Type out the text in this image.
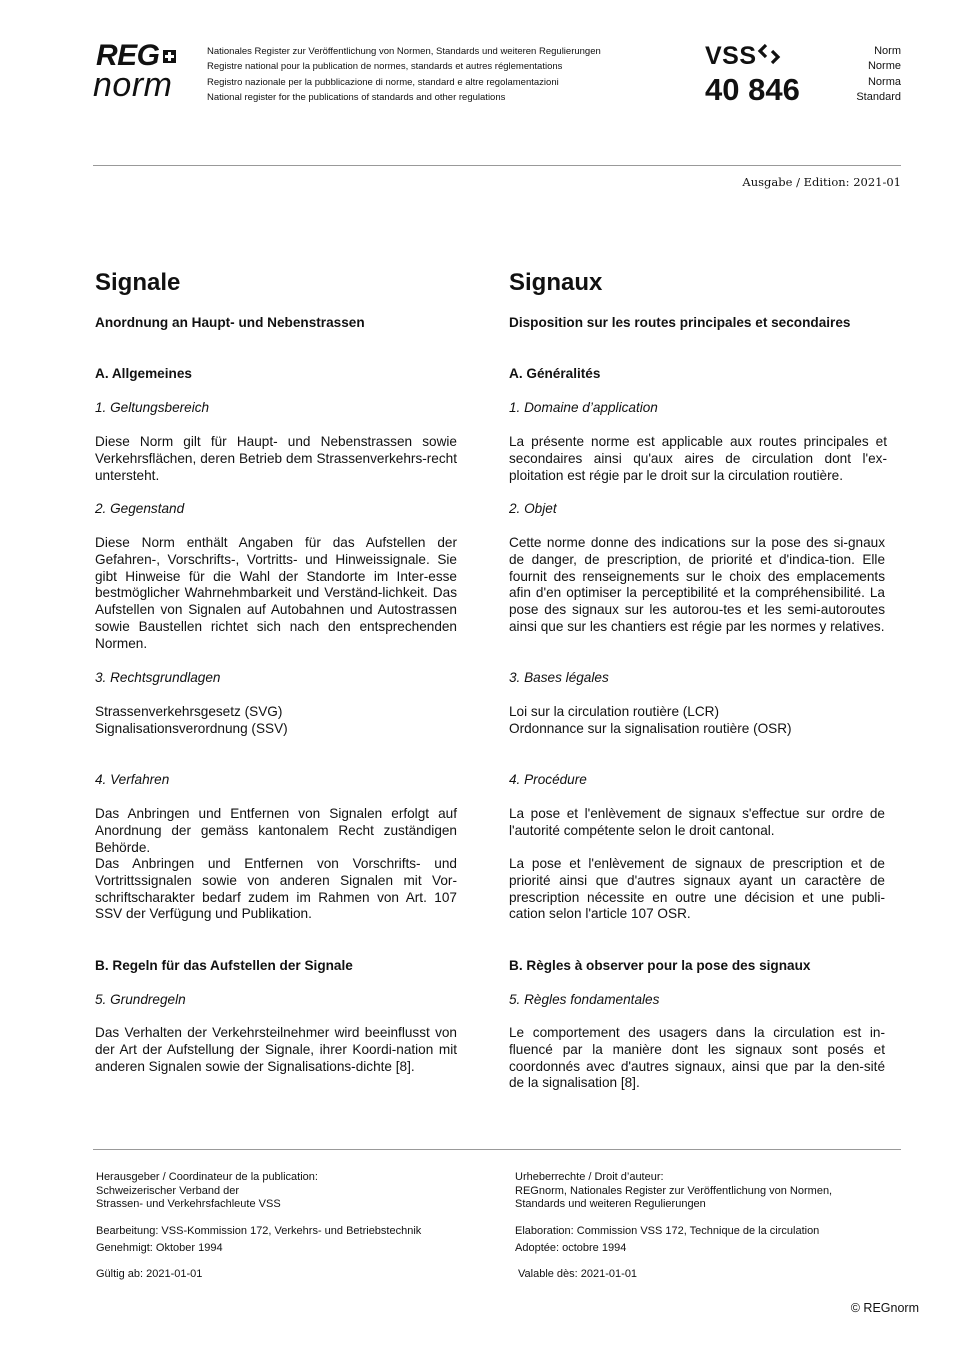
REG
norm
Nationales Register zur Veröffentlichung von Normen, Standards und weiteren Regulierungen
Registre national pour la publication de normes, standards et autres réglementations
Registro nazionale per la pubblicazione di norme, standard e altre regolamentazioni
National register for the publications of standards and other regulations
VSS
40 846
Norm
Norme
Norma
Standard
Ausgabe / Edition: 2021-01
Signale
Anordnung an Haupt- und Nebenstrassen
A. Allgemeines
1. Geltungsbereich
Diese Norm gilt für Haupt- und Nebenstrassen sowie Verkehrsflächen, deren Betrieb dem Strassenverkehrs-recht untersteht.
2. Gegenstand
Diese Norm enthält Angaben für das Aufstellen der Gefahren-, Vorschrifts-, Vortritts- und Hinweissignale. Sie gibt Hinweise für die Wahl der Standorte im Inter-esse bestmöglicher Wahrnehmbarkeit und Verständ-lichkeit. Das Aufstellen von Signalen auf Autobahnen und Autostrassen sowie Baustellen richtet sich nach den entsprechenden Normen.
3. Rechtsgrundlagen
Strassenverkehrsgesetz (SVG)
Signalisationsverordnung (SSV)
4. Verfahren
Das Anbringen und Entfernen von Signalen erfolgt auf Anordnung der gemäss kantonalem Recht zuständigen Behörde.
Das Anbringen und Entfernen von Vorschrifts- und Vortrittssignalen sowie von anderen Signalen mit Vor-schriftscharakter bedarf zudem im Rahmen von Art. 107 SSV der Verfügung und Publikation.
B. Regeln für das Aufstellen der Signale
5. Grundregeln
Das Verhalten der Verkehrsteilnehmer wird beeinflusst von der Art der Aufstellung der Signale, ihrer Koordi-nation mit anderen Signalen sowie der Signalisations-dichte [8].
Signaux
Disposition sur les routes principales et secondaires
A. Généralités
1. Domaine d’application
La présente norme est applicable aux routes principales et secondaires ainsi qu'aux aires de circulation dont l'ex-ploitation est régie par le droit sur la circulation routière.
2. Objet
Cette norme donne des indications sur la pose des si-gnaux de danger, de prescription, de priorité et d'indica-tion. Elle fournit des renseignements sur le choix des emplacements afin d'en optimiser la perceptibilité et la compréhensibilité. La pose des signaux sur les autorou-tes et les semi-autoroutes ainsi que sur les chantiers est régie par les normes y relatives.
3. Bases légales
Loi sur la circulation routière (LCR)
Ordonnance sur la signalisation routière (OSR)
4. Procédure
La pose et l'enlèvement de signaux s'effectue sur ordre de l'autorité compétente selon le droit cantonal.
La pose et l'enlèvement de signaux de prescription et de priorité ainsi que d'autres signaux ayant un caractère de prescription nécessite en outre une décision et une publi-cation selon l'article 107 OSR.
B. Règles à observer pour la pose des signaux
5. Règles fondamentales
Le comportement des usagers dans la circulation est in-fluencé par la manière dont les signaux sont posés et coordonnés avec d'autres signaux, ainsi que par la den-sité de la signalisation [8].
Herausgeber / Coordinateur de la publication:
Schweizerischer Verband der
Strassen- und Verkehrsfachleute VSS
Bearbeitung: VSS-Kommission 172, Verkehrs- und Betriebstechnik
Genehmigt: Oktober 1994
Gültig ab: 2021-01-01
Urheberrechte / Droit d’auteur:
REGnorm, Nationales Register zur Veröffentlichung von Normen,
Standards und weiteren Regulierungen
Elaboration: Commission VSS 172, Technique de la circulation
Adoptée: octobre 1994
Valable dès: 2021-01-01
© REGnorm
